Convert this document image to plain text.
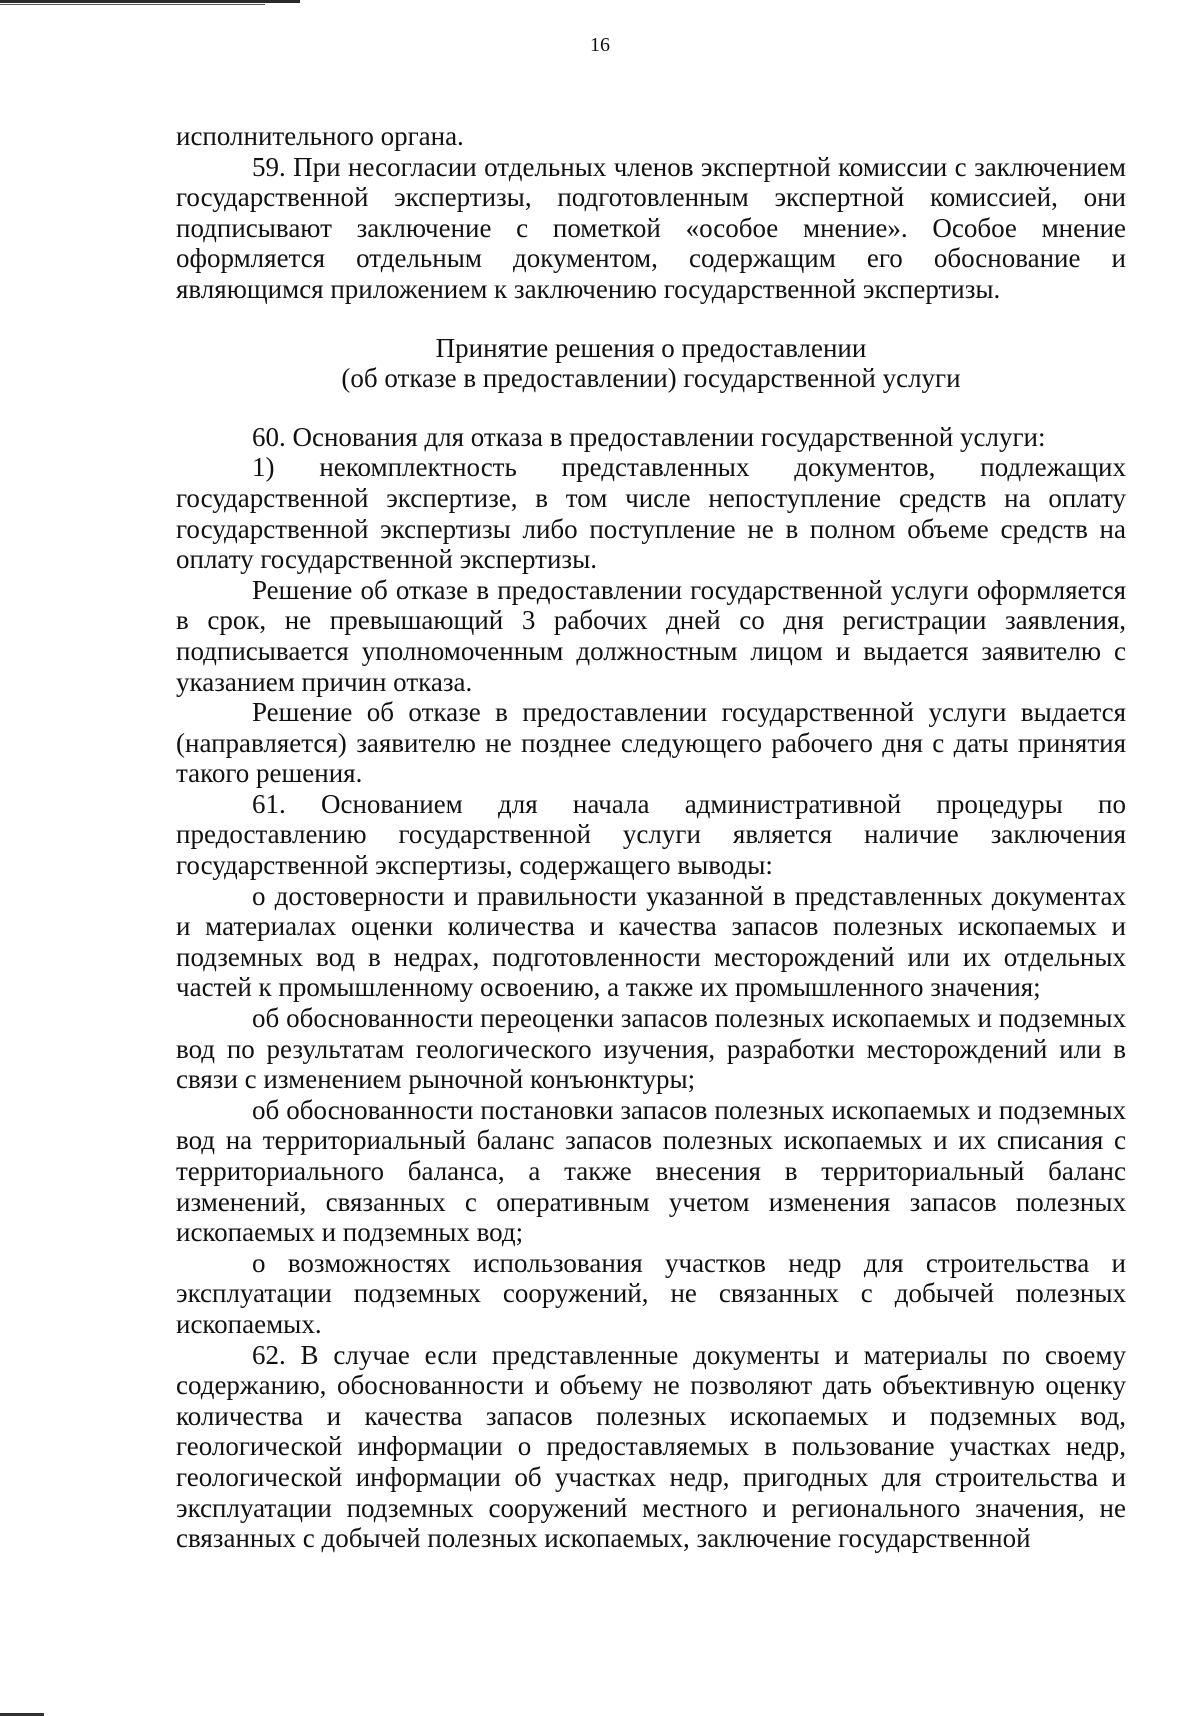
16

исполнительного органа.

59. При несогласии отдельных членов экспертной комиссии с заключением государственной экспертизы, подготовленным экспертной комиссией, они подписывают заключение с пометкой «особое мнение». Особое мнение оформляется отдельным документом, содержащим его обоснование и являющимся приложением к заключению государственной экспертизы.

Принятие решения о предоставлении
(об отказе в предоставлении) государственной услуги

60. Основания для отказа в предоставлении государственной услуги:

1) некомплектность представленных документов, подлежащих государственной экспертизе, в том числе непоступление средств на оплату государственной экспертизы либо поступление не в полном объеме средств на оплату государственной экспертизы.

Решение об отказе в предоставлении государственной услуги оформляется в срок, не превышающий 3 рабочих дней со дня регистрации заявления, подписывается уполномоченным должностным лицом и выдается заявителю с указанием причин отказа.

Решение об отказе в предоставлении государственной услуги выдается (направляется) заявителю не позднее следующего рабочего дня с даты принятия такого решения.

61. Основанием для начала административной процедуры по предоставлению государственной услуги является наличие заключения государственной экспертизы, содержащего выводы:

о достоверности и правильности указанной в представленных документах и материалах оценки количества и качества запасов полезных ископаемых и подземных вод в недрах, подготовленности месторождений или их отдельных частей к промышленному освоению, а также их промышленного значения;

об обоснованности переоценки запасов полезных ископаемых и подземных вод по результатам геологического изучения, разработки месторождений или в связи с изменением рыночной конъюнктуры;

об обоснованности постановки запасов полезных ископаемых и подземных вод на территориальный баланс запасов полезных ископаемых и их списания с территориального баланса, а также внесения в территориальный баланс изменений, связанных с оперативным учетом изменения запасов полезных ископаемых и подземных вод;

о возможностях использования участков недр для строительства и эксплуатации подземных сооружений, не связанных с добычей полезных ископаемых.

62. В случае если представленные документы и материалы по своему содержанию, обоснованности и объему не позволяют дать объективную оценку количества и качества запасов полезных ископаемых и подземных вод, геологической информации о предоставляемых в пользование участках недр, геологической информации об участках недр, пригодных для строительства и эксплуатации подземных сооружений местного и регионального значения, не связанных с добычей полезных ископаемых, заключение государственной
